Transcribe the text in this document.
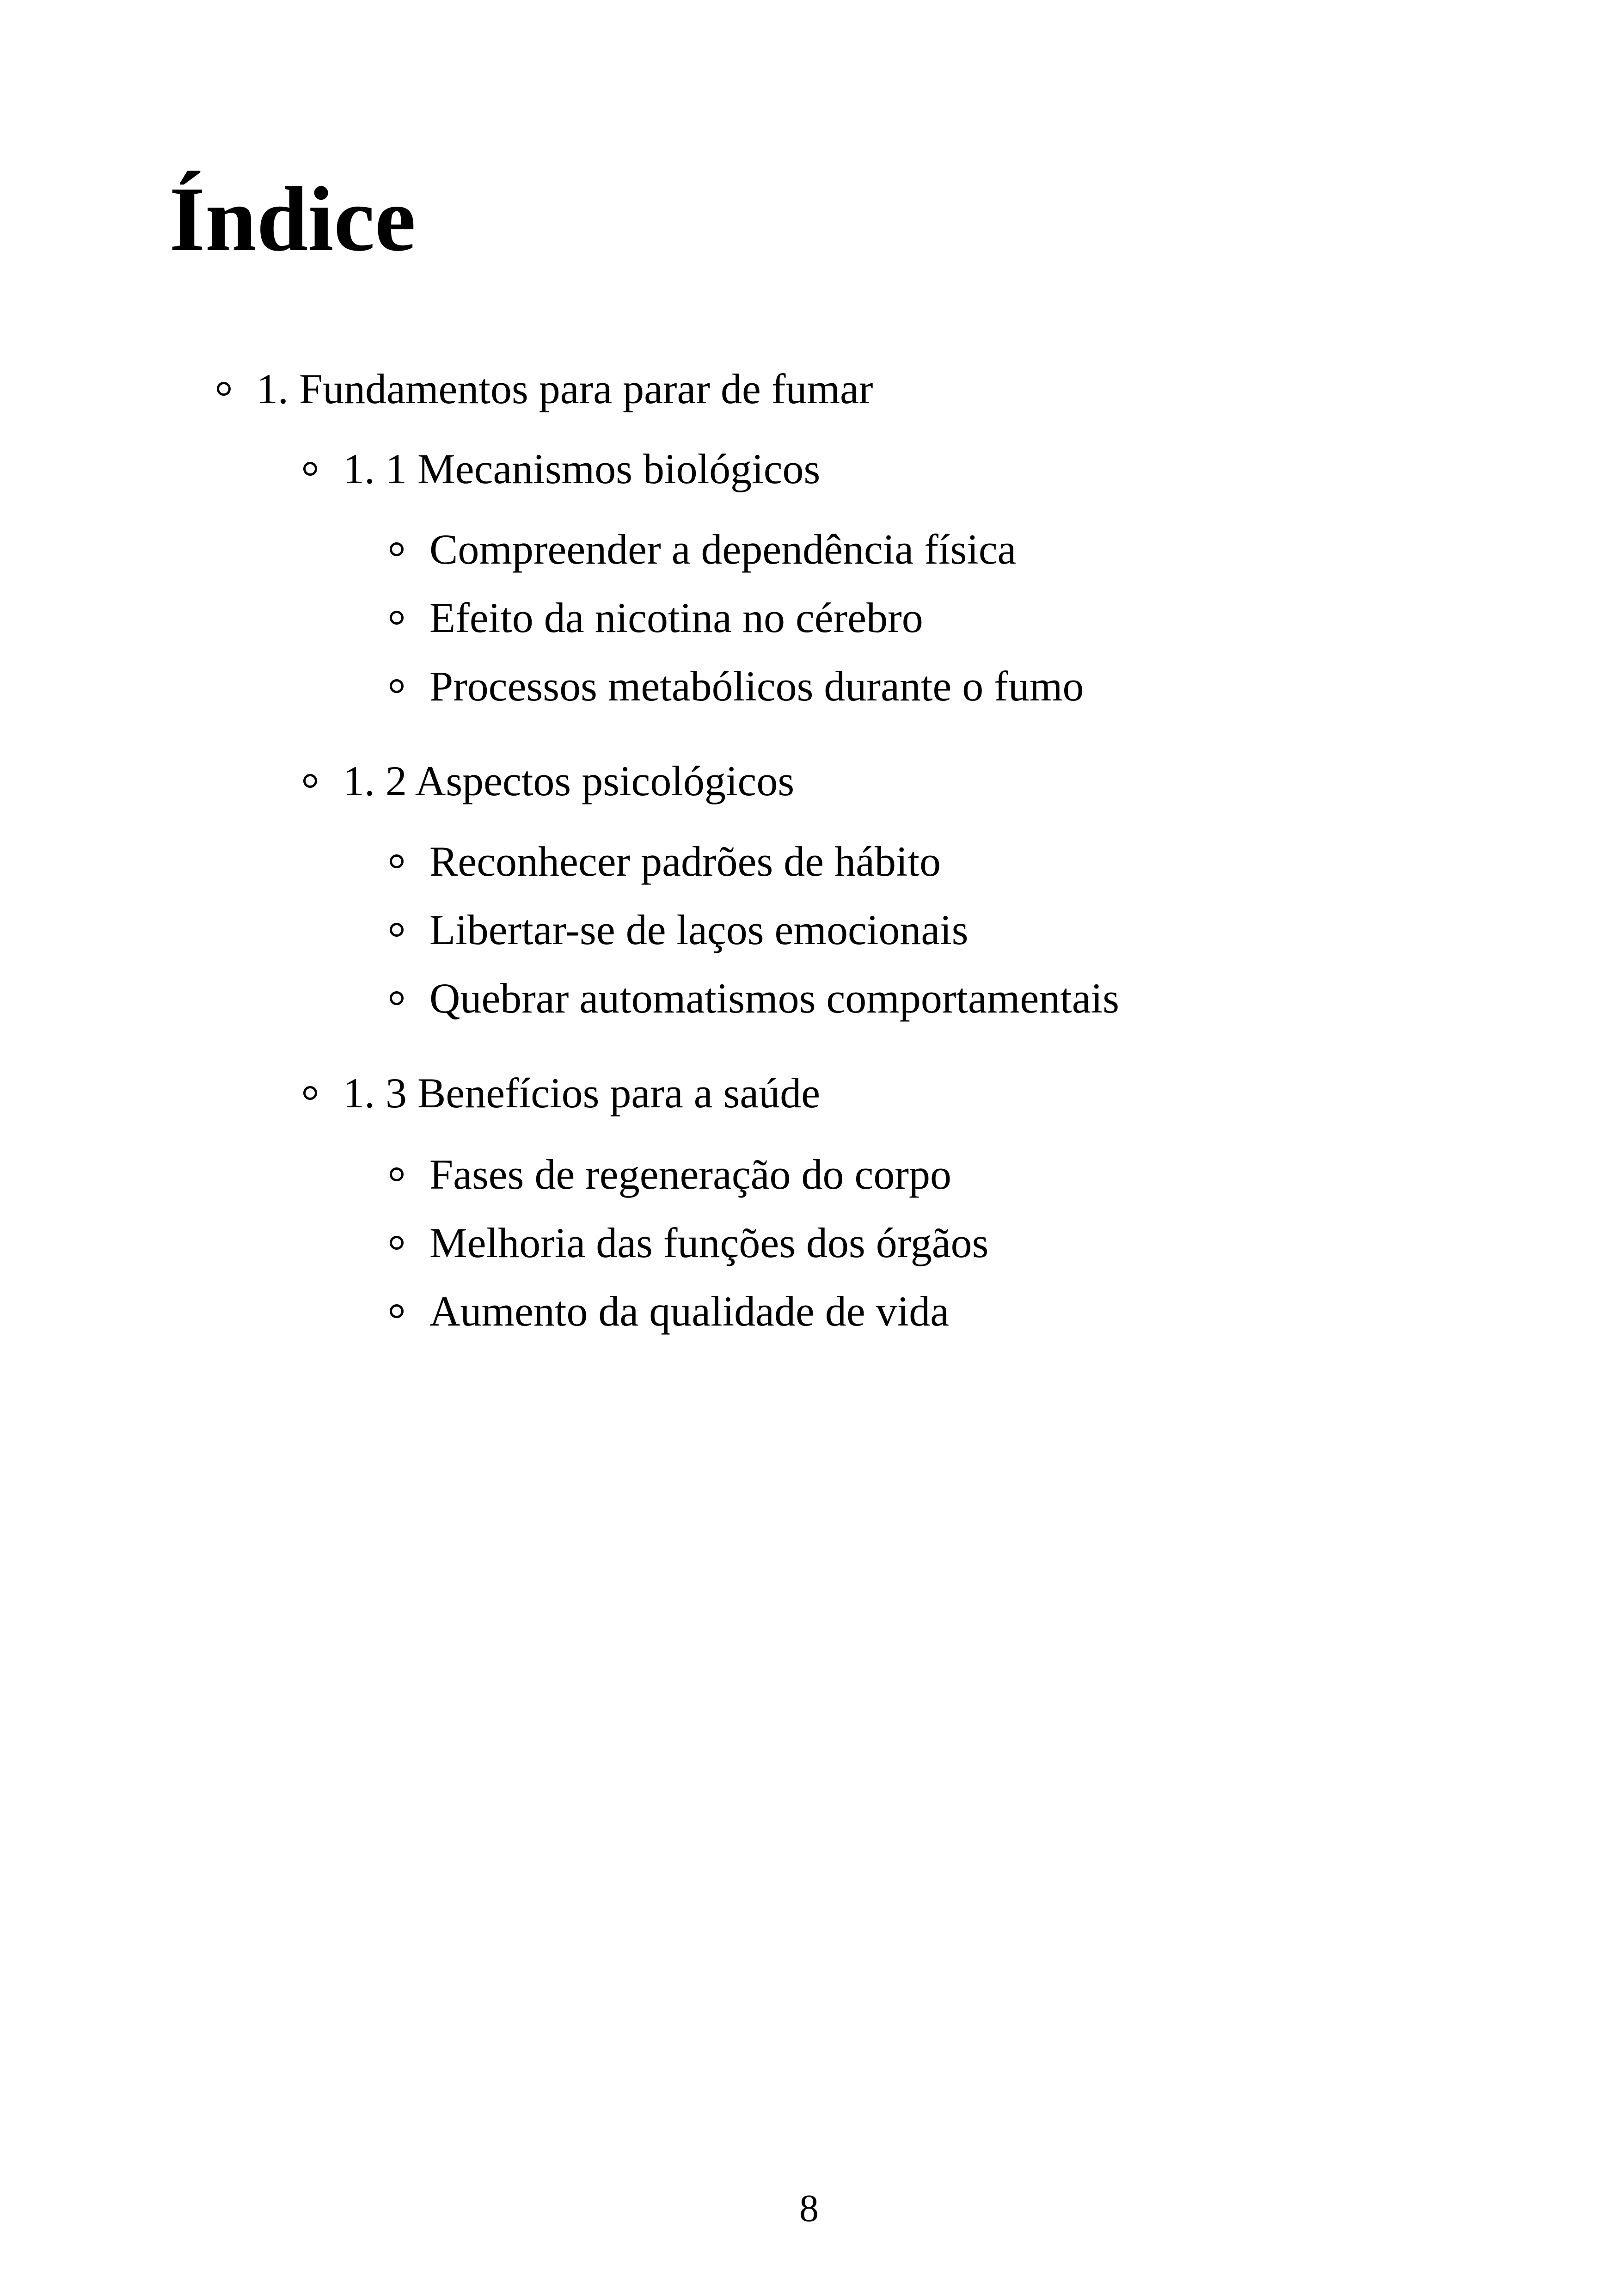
Índice
1. Fundamentos para parar de fumar
1. 1 Mecanismos biológicos
Compreender a dependência física
Efeito da nicotina no cérebro
Processos metabólicos durante o fumo
1. 2 Aspectos psicológicos
Reconhecer padrões de hábito
Libertar-se de laços emocionais
Quebrar automatismos comportamentais
1. 3 Benefícios para a saúde
Fases de regeneração do corpo
Melhoria das funções dos órgãos
Aumento da qualidade de vida
8
